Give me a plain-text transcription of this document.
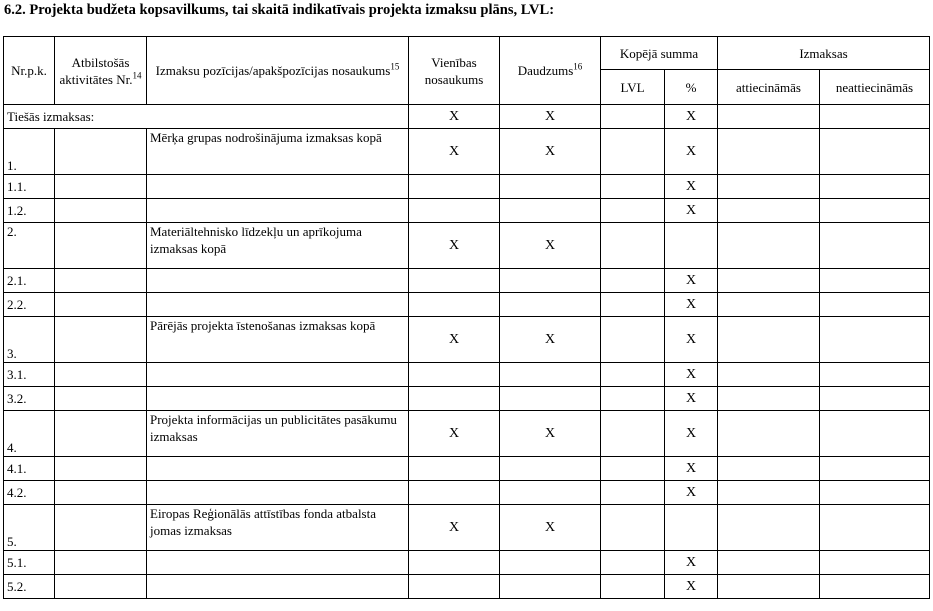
6.2. Projekta budžeta kopsavilkums, tai skaitā indikatīvais projekta izmaksu plāns, LVL:
Nr.p.k.	Atbilstošās aktivitātes Nr.$^{14}$	Izmaksu pozīcijas/apakšpozīcijas nosaukums$^{15}$	Vienības nosaukums	Daudzums$^{16}$	Kopējā summa		Izmaksas	
					LVL	%	attiecināmās	neattiecināmās
Tiešās izmaksas:			X	X		X		
1.		Mērķa grupas nodrošinājuma izmaksas kopā	X	X		X		
1.1.						X		
1.2.						X		
2.		Materiāltehnisko līdzekļu un aprīkojuma izmaksas kopā	X	X				
2.1.						X		
2.2.						X		
3.		Pārējās projekta īstenošanas izmaksas kopā	X	X		X		
3.1.						X		
3.2.						X		
4.		Projekta informācijas un publicitātes pasākumu izmaksas	X	X		X		
4.1.						X		
4.2.						X		
5.		Eiropas Reģionālās attīstības fonda atbalsta jomas izmaksas	X	X				
5.1.						X		
5.2.						X		
